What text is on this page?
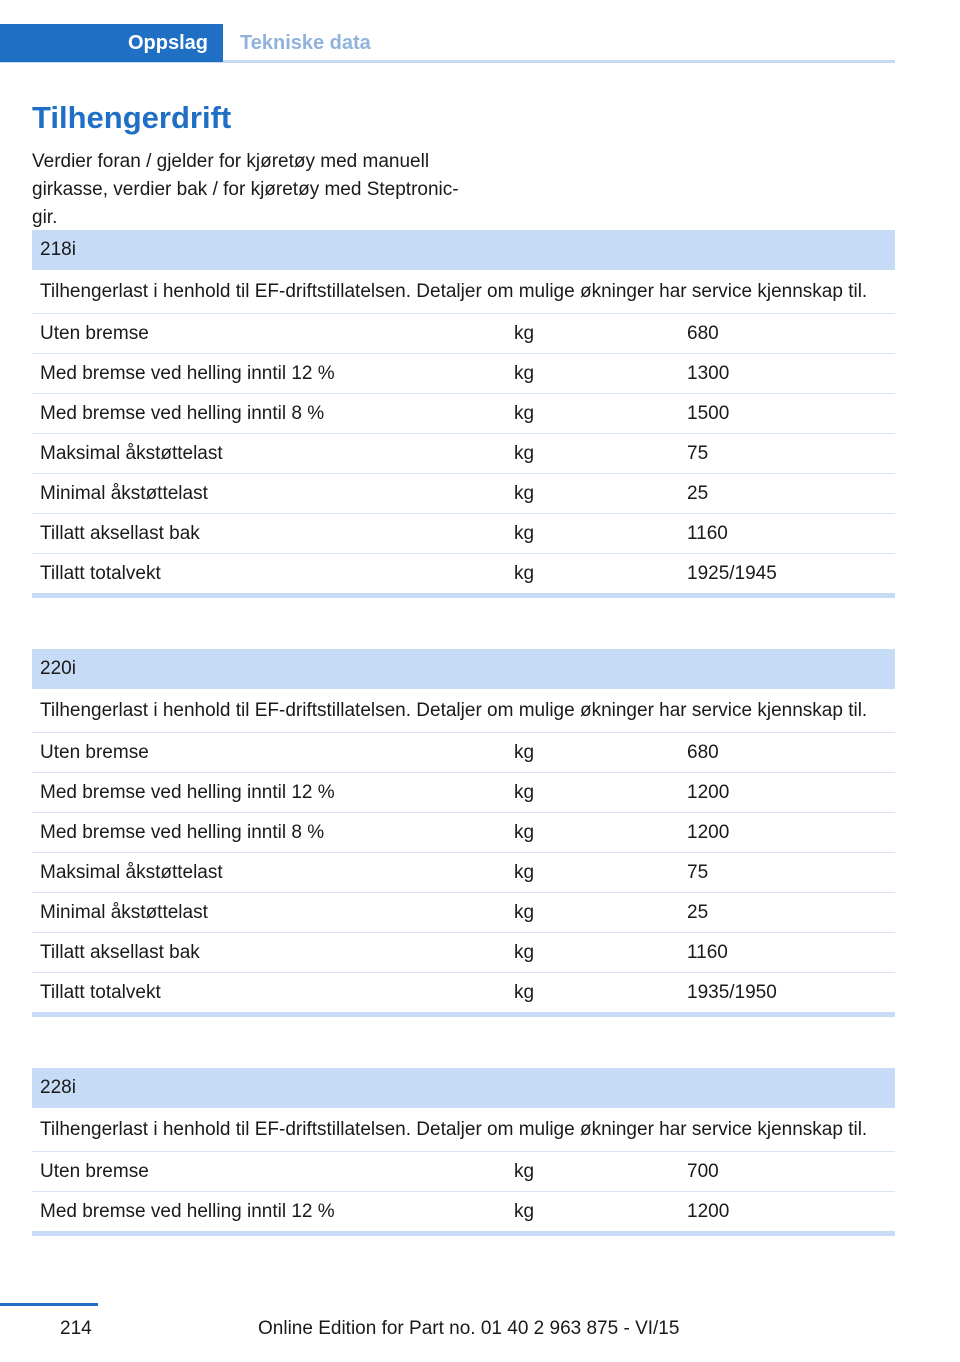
Oppslag	Tekniske data
Tilhengerdrift

Verdier foran / gjelder for kjøretøy med manuell girkasse, verdier bak / for kjøretøy med Steptronic-gir.

218i
Tilhengerlast i henhold til EF-driftstillatelsen. Detaljer om mulige økninger har service kjennskap til.
Uten bremse	kg	680
Med bremse ved helling inntil 12 %	kg	1300
Med bremse ved helling inntil 8 %	kg	1500
Maksimal åkstøttelast	kg	75
Minimal åkstøttelast	kg	25
Tillatt aksellast bak	kg	1160
Tillatt totalvekt	kg	1925/1945
220i
Tilhengerlast i henhold til EF-driftstillatelsen. Detaljer om mulige økninger har service kjennskap til.
Uten bremse	kg	680
Med bremse ved helling inntil 12 %	kg	1200
Med bremse ved helling inntil 8 %	kg	1200
Maksimal åkstøttelast	kg	75
Minimal åkstøttelast	kg	25
Tillatt aksellast bak	kg	1160
Tillatt totalvekt	kg	1935/1950
228i
Tilhengerlast i henhold til EF-driftstillatelsen. Detaljer om mulige økninger har service kjennskap til.
Uten bremse	kg	700
Med bremse ved helling inntil 12 %	kg	1200
214	Online Edition for Part no. 01 40 2 963 875 - VI/15
